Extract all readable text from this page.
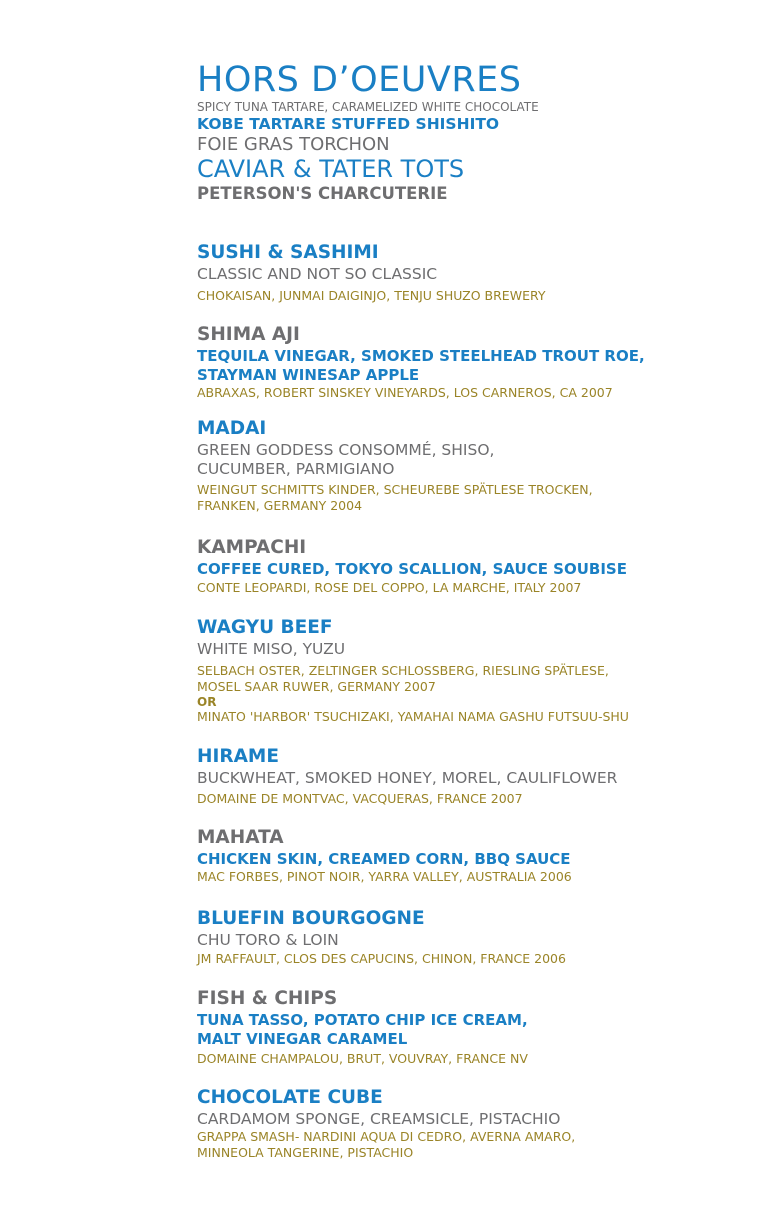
HORS D’OEUVRES

SPICY TUNA TARTARE, CARAMELIZED WHITE CHOCOLATE

KOBE TARTARE STUFFED SHISHITO

FOIE GRAS TORCHON

CAVIAR & TATER TOTS

PETERSON'S CHARCUTERIE

SUSHI & SASHIMI

CLASSIC AND NOT SO CLASSIC

CHOKAISAN, JUNMAI DAIGINJO, TENJU SHUZO BREWERY

SHIMA AJI

TEQUILA VINEGAR, SMOKED STEELHEAD TROUT ROE,

STAYMAN WINESAP APPLE

ABRAXAS, ROBERT SINSKEY VINEYARDS, LOS CARNEROS, CA 2007

MADAI

GREEN GODDESS CONSOMMÉ, SHISO,

CUCUMBER, PARMIGIANO

WEINGUT SCHMITTS KINDER, SCHEUREBE SPÄTLESE TROCKEN,

FRANKEN, GERMANY 2004

KAMPACHI

COFFEE CURED, TOKYO SCALLION, SAUCE SOUBISE

CONTE LEOPARDI, ROSE DEL COPPO, LA MARCHE, ITALY 2007

WAGYU BEEF

WHITE MISO, YUZU

SELBACH OSTER, ZELTINGER SCHLOSSBERG, RIESLING SPÄTLESE,

MOSEL SAAR RUWER, GERMANY 2007

OR

MINATO 'HARBOR' TSUCHIZAKI, YAMAHAI NAMA GASHU FUTSUU-SHU

HIRAME

BUCKWHEAT, SMOKED HONEY, MOREL, CAULIFLOWER

DOMAINE DE MONTVAC, VACQUERAS, FRANCE 2007

MAHATA

CHICKEN SKIN, CREAMED CORN, BBQ SAUCE

MAC FORBES, PINOT NOIR, YARRA VALLEY, AUSTRALIA 2006

BLUEFIN BOURGOGNE

CHU TORO & LOIN

JM RAFFAULT, CLOS DES CAPUCINS, CHINON, FRANCE 2006

FISH & CHIPS

TUNA TASSO, POTATO CHIP ICE CREAM,

MALT VINEGAR CARAMEL

DOMAINE CHAMPALOU, BRUT, VOUVRAY, FRANCE NV

CHOCOLATE CUBE

CARDAMOM SPONGE, CREAMSICLE, PISTACHIO

GRAPPA SMASH- NARDINI AQUA DI CEDRO, AVERNA AMARO,

MINNEOLA TANGERINE, PISTACHIO
